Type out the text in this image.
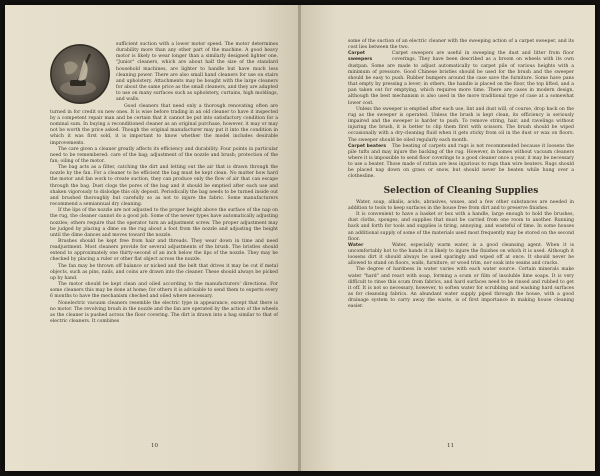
sufficient suction with a lower motor speed. The motor determines durability more than any other part of the machine. A good heavy motor is likely to wear longer than a similarly designed lighter one. "Junior" cleaners, which are about half the size of the standard household machines, are lighter to handle but have much less cleaning power. There are also small hand cleaners for use on stairs and upholstery. Attachments may be bought with the large cleaners for about the same price as the small cleaners, and they are adapted to use on many surfaces such as upholstery, curtains, high moldings, and walls.

Good cleaners that need only a thorough renovating often are turned in for credit on new ones. It is wise before trading in an old cleaner to have it inspected by a competent repair man and be certain that it cannot be put into satisfactory condition for a nominal sum. In buying a reconditioned cleaner as an original purchase, however, it may or may not be worth the price asked. Though the original manufacturer may put it into the condition in which it was first sold, it is important to know whether the model includes desirable improvements.

The care given a cleaner greatly affects its efficiency and durability. Four points in particular need to be remembered: care of the bag; adjustment of the nozzle and brush; protection of the fan; oiling of the motor.

The bag acts as a filter, catching the dirt and letting out the air that is drawn through the nozzle by the fan. For a cleaner to be efficient the bag must be kept clean. No matter how hard the motor and fan work to create suction, they can produce only the flow of air that can escape through the bag. Dust clogs the pores of the bag and it should be emptied after each use and shaken vigorously to dislodge this oily deposit. Periodically the bag needs to be turned inside out and brushed thoroughly but carefully so as not to injure the fabric. Some manufacturers recommend a semiannual dry cleaning.

If the lips of the nozzle are not adjusted to the proper height above the surface of the nap on the rug, the cleaner cannot do a good job. Some of the newer types have automatically adjusting nozzles; others require that the operator turn an adjustment screw. The proper adjustment may be judged by placing a dime on the rug about a foot from the nozzle and adjusting the height until the dime dances and moves toward the nozzle.

Brushes should be kept free from hair and threads. They wear down in time and need readjustment. Most cleaners provide for several adjustments of the brush. The bristles should extend to approximately one thirty-second of an inch below the lips of the nozzle. They may be checked by placing a ruler or other flat object across the nozzle.

The fan may be thrown off balance or nicked and the belt that drives it may be cut if metal objects, such as pins, nails, and coins are drawn into the cleaner. These should always be picked up by hand.

The motor should be kept clean and oiled according to the manufacturers' directions. For some cleaners this may be done at home; for others it is advisable to send them to experts every 6 months to have the mechanism checked and oiled where necessary.

Nonelectric vacuum cleaners resemble the electric type in appearance, except that there is no motor. The revolving brush in the nozzle and the fan are operated by the action of the wheels as the cleaner is pushed across the floor covering. The dirt is drawn into a bag similar to that of electric cleaners. It combines

10

some of the suction of an electric cleaner with the sweeping action of a carpet sweeper, and its cost lies between the two.

Carpet sweepers
Carpet sweepers are useful in sweeping the dust and litter from floor coverings. They have been described as a broom on wheels with its own dustpan. Some are made to adjust automatically to carpet pile of various heights with a minimum of pressure. Good Chinese bristles should be used for the brush and the sweeper should be easy to push. Rubber bumpers around the case save the furniture. Some have pans that empty by pressing a lever; in others, the handle is placed on the floor, the top lifted, and a pan taken out for emptying, which requires more time. There are cases in modern design, although the best mechanism is also used in the more traditional type of case at a somewhat lower cost.

Unless the sweeper is emptied after each use, lint and dust will, of course, drop back on the rug as the sweeper is operated. Unless the brush is kept clean, its efficiency is seriously impaired and the sweeper is harder to push. To remove string, hair, and ravelings without injuring the brush, it is better to clip them first with scissors. The brush should be wiped occasionally with a dry-cleaning fluid when it gets sticky from oil in the dust or wax on floors. The sweeper should be oiled regularly each month.

Carpet beaters	The beating of carpets and rugs is not recommended because it loosens the pile tufts and may injure the backing of the rug. However, in homes without vacuum cleaners where it is impossible to send floor coverings to a good cleaner once a year, it may be necessary to use a beater. Those made of rattan are less injurious to rugs than wire beaters. Rugs should be placed nap down on grass or snow, but should never be beaten while hung over a clothesline.

Selection of Cleaning Supplies

Water, soap, alkalis, acids, abrasives, waxes, and a few other substances are needed in addition to tools to keep surfaces in the house free from dirt and to preserve finishes.

It is convenient to have a basket or box with a handle, large enough to hold the brushes, dust cloths, sponges, and supplies that must be carried from one room to another. Running back and forth for tools and supplies is tiring, annoying, and wasteful of time. In some houses an additional supply of some of the materials used most frequently may be stored on the second floor.

Water	Water, especially warm water, is a good cleansing agent. When it is uncomfortably hot to the hands it is likely to injure the finishes on which it is used. Although it loosens dirt it should always be used sparingly and wiped off at once. It should never be allowed to stand on floors, walls, furniture, or wood trim, nor soak into seams and cracks.

The degree of hardness in water varies with each water source. Certain minerals make water "hard" and react with soap, forming a scum or film of insoluble lime soaps. It is very difficult to rinse this scum from fabrics, and hard surfaces need to be rinsed and rubbed to get it off. It is not so necessary, however, to soften water for scrubbing and washing hard surfaces as for cleansing fabrics. An abundant water supply piped through the house, with a good drainage system to carry away the waste, is of first importance in making house cleaning easier.

11
